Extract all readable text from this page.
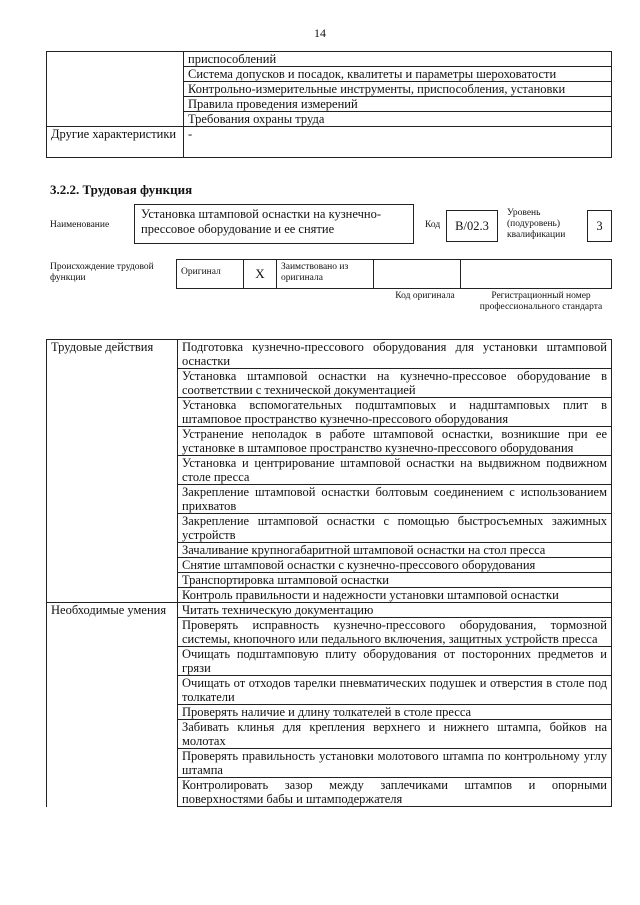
14
	приспособлений
	Система допусков и посадок, квалитеты и параметры шероховатости
	Контрольно-измерительные инструменты, приспособления, установки
	Правила проведения измерений
	Требования охраны труда
Другие характеристики	-
3.2.2. Трудовая функция
Наименование
Установка штамповой оснастки на кузнечно-прессовое оборудование и ее снятие	Код	B/02.3
Уровень (подуровень) квалификации
3
Происхождение трудовой функции
Оригинал	X	Заимствовано из оригинала
Код оригинала	Регистрационный номер профессионального стандарта
Трудовые действия	Подготовка кузнечно-прессового оборудования для установки штамповой оснастки
	Установка штамповой оснастки на кузнечно-прессовое оборудование в соответствии с технической документацией
	Установка вспомогательных подштамповых и надштамповых плит в штамповое пространство кузнечно-прессового оборудования
	Устранение неполадок в работе штамповой оснастки, возникшие при ее установке в штамповое пространство кузнечно-прессового оборудования
	Установка и центрирование штамповой оснастки на выдвижном подвижном столе пресса
	Закрепление штамповой оснастки болтовым соединением с использованием прихватов
	Закрепление штамповой оснастки с помощью быстросъемных зажимных устройств
	Зачаливание крупногабаритной штамповой оснастки на стол пресса
	Снятие штамповой оснастки с кузнечно-прессового оборудования
	Транспортировка штамповой оснастки
	Контроль правильности и надежности установки штамповой оснастки
Необходимые умения	Читать техническую документацию
	Проверять исправность кузнечно-прессового оборудования, тормозной системы, кнопочного или педального включения, защитных устройств пресса
	Очищать подштамповую плиту оборудования от посторонних предметов и грязи
	Очищать от отходов тарелки пневматических подушек и отверстия в столе под толкатели
	Проверять наличие и длину толкателей в столе пресса
	Забивать клинья для крепления верхнего и нижнего штампа, бойков на молотах
	Проверять правильность установки молотового штампа по контрольному углу штампа
	Контролировать зазор между заплечиками штампов и опорными поверхностями бабы и штамподержателя
